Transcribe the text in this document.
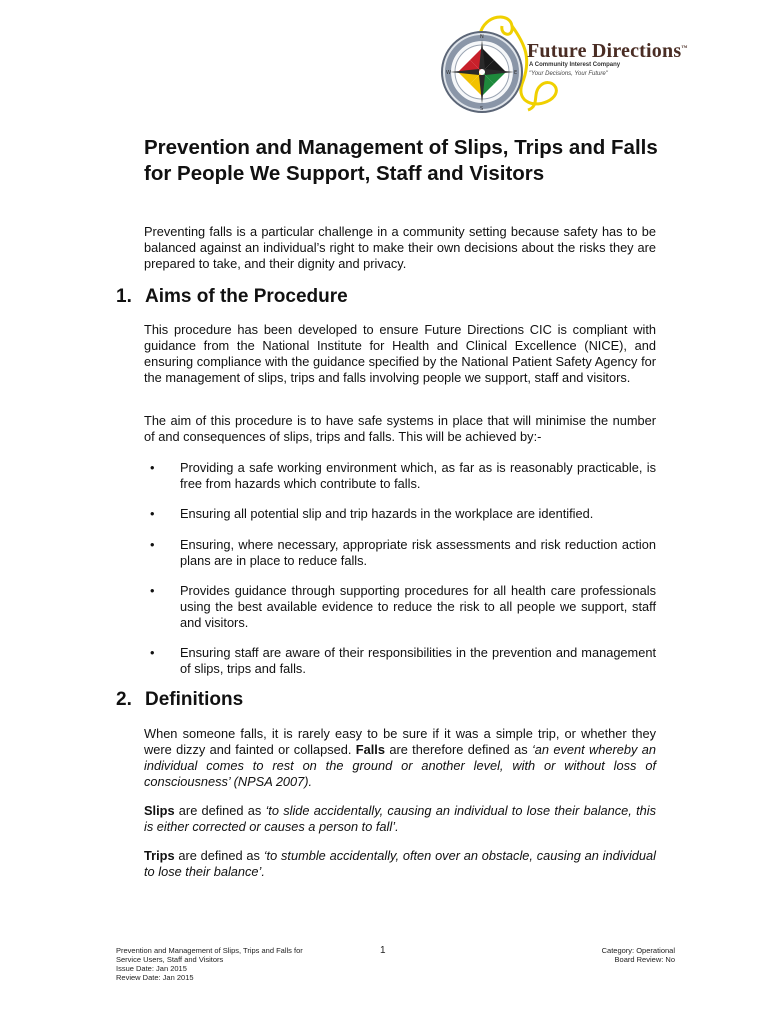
N
E
S
W
Future Directions™
A Community Interest Company
"Your Decisions, Your Future"
Prevention and Management of Slips, Trips and Falls for People We Support, Staff and Visitors

Preventing falls is a particular challenge in a community setting because safety has to be balanced against an individual’s right to make their own decisions about the risks they are prepared to take, and their dignity and privacy.

1. Aims of the Procedure

This procedure has been developed to ensure Future Directions CIC is compliant with guidance from the National Institute for Health and Clinical Excellence (NICE), and ensuring compliance with the guidance specified by the National Patient Safety Agency for the management of slips, trips and falls involving people we support, staff and visitors.

The aim of this procedure is to have safe systems in place that will minimise the number of and consequences of slips, trips and falls. This will be achieved by:-

•	Providing a safe working environment which, as far as is reasonably practicable, is free from hazards which contribute to falls.
•	Ensuring all potential slip and trip hazards in the workplace are identified.
•	Ensuring, where necessary, appropriate risk assessments and risk reduction action plans are in place to reduce falls.
•	Provides guidance through supporting procedures for all health care professionals using the best available evidence to reduce the risk to all people we support, staff and visitors.
•	Ensuring staff are aware of their responsibilities in the prevention and management of slips, trips and falls.
2. Definitions

When someone falls, it is rarely easy to be sure if it was a simple trip, or whether they were dizzy and fainted or collapsed. Falls are therefore defined as ‘an event whereby an individual comes to rest on the ground or another level, with or without loss of consciousness’ (NPSA 2007).

Slips are defined as ‘to slide accidentally, causing an individual to lose their balance, this is either corrected or causes a person to fall’.

Trips are defined as ‘to stumble accidentally, often over an obstacle, causing an individual to lose their balance’.

Prevention and Management of Slips, Trips and Falls for
Service Users, Staff and Visitors
Issue Date: Jan 2015
Review Date: Jan 2015
1	Category: Operational
Board Review: No
